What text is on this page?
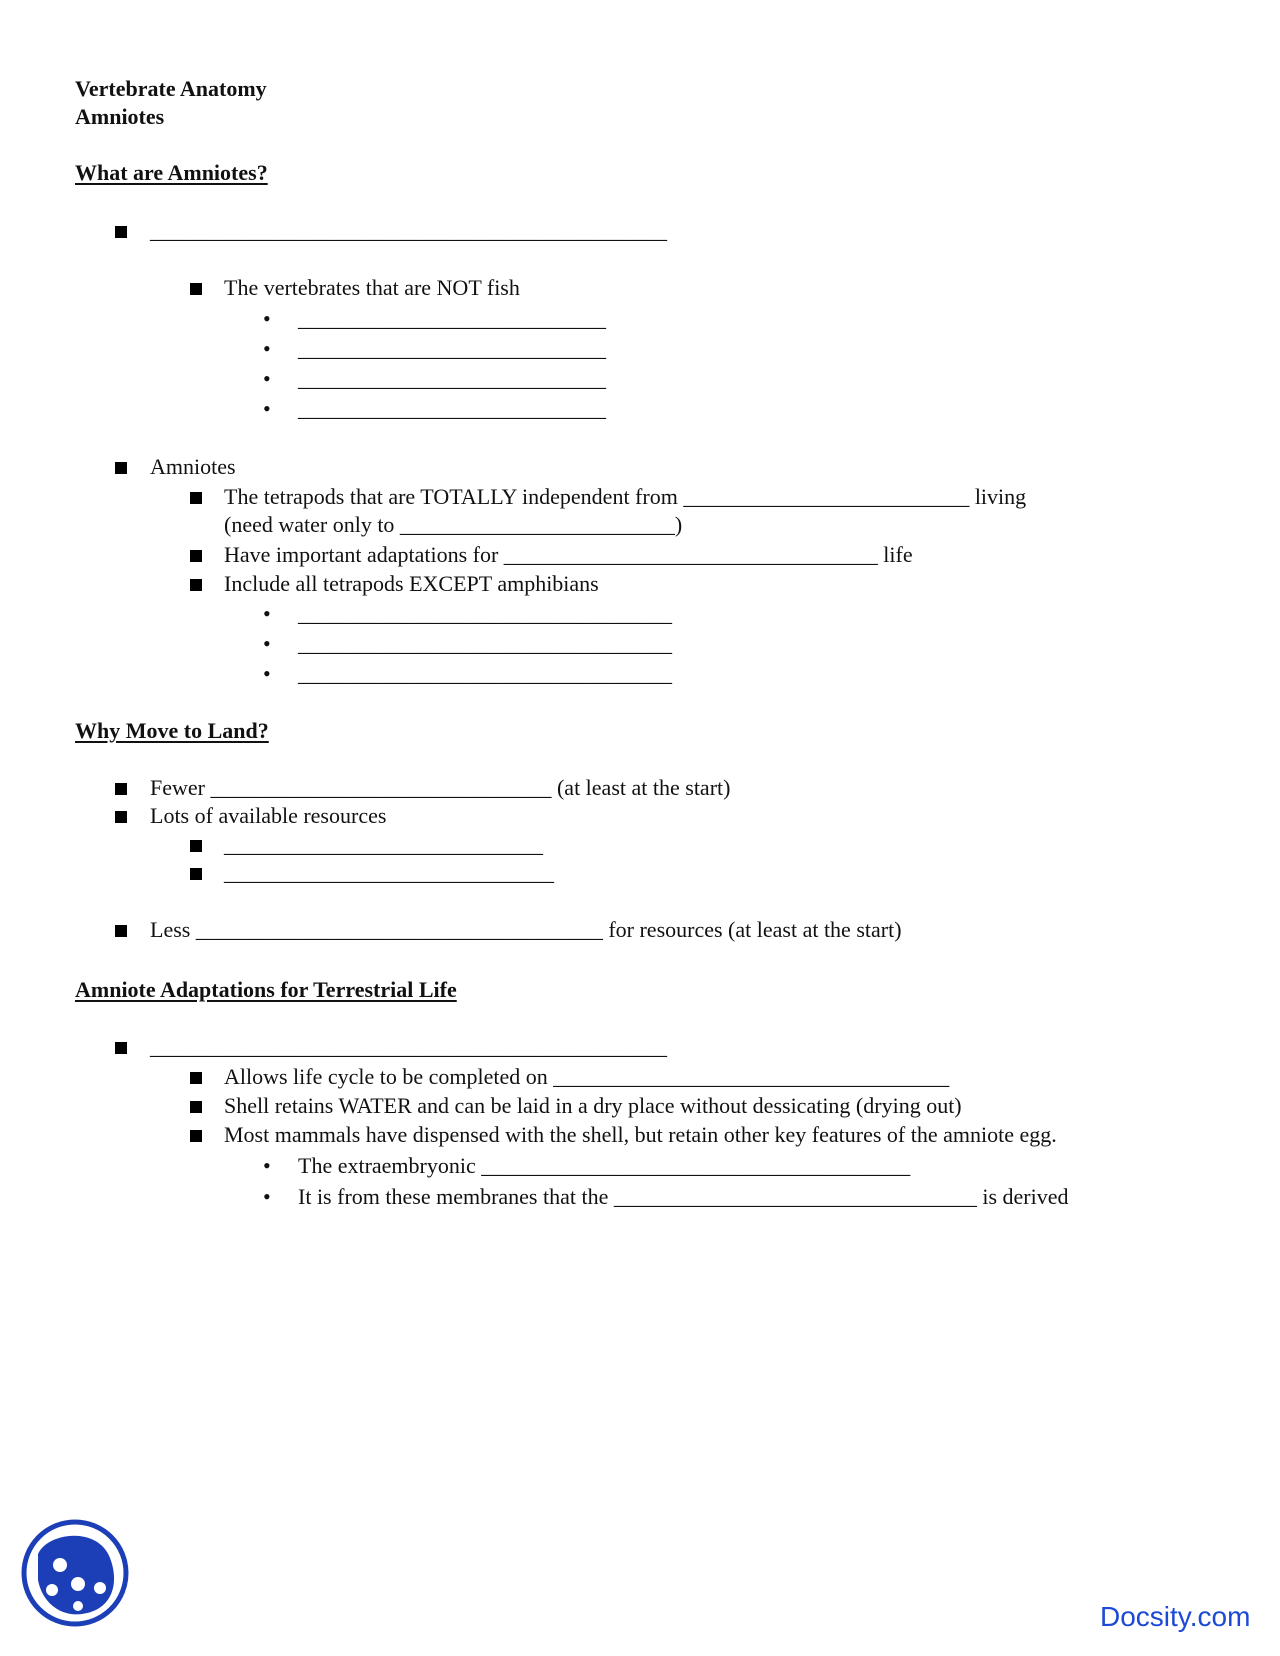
Vertebrate Anatomy
Amniotes
What are Amniotes?
_______________________________________________
The vertebrates that are NOT fish
• ____________________________
• ____________________________
• ____________________________
• ____________________________
Amniotes
The tetrapods that are TOTALLY independent from __________________________ living
(need water only to _________________________)
Have important adaptations for __________________________________ life
Include all tetrapods EXCEPT amphibians
• __________________________________
• __________________________________
• __________________________________
Why Move to Land?
Fewer _______________________________ (at least at the start)
Lots of available resources
_____________________________
______________________________
Less _____________________________________ for resources (at least at the start)
Amniote Adaptations for Terrestrial Life
_______________________________________________
Allows life cycle to be completed on ____________________________________
Shell retains WATER and can be laid in a dry place without dessicating (drying out)
Most mammals have dispensed with the shell, but retain other key features of the amniote egg.
• The extraembryonic _______________________________________
• It is from these membranes that the _________________________________ is derived
Docsity.com
